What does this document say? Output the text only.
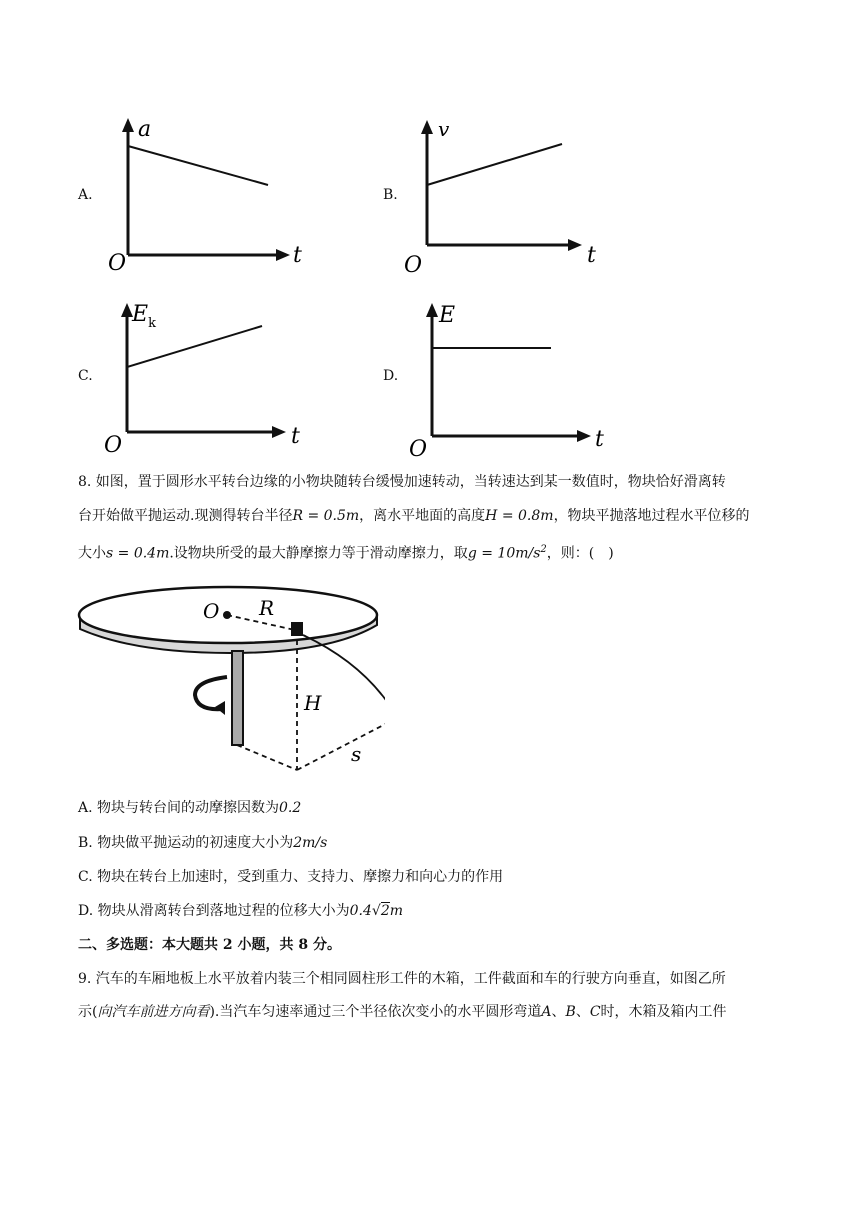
A.
a
t
O
B.
v
t
O
C.
$E_k$
t
O
D.
E
t
O
8. 如图，置于圆形水平转台边缘的小物块随转台缓慢加速转动，当转速达到某一数值时，物块恰好滑离转
台开始做平抛运动.现测得转台半径R = 0.5m，离水平地面的高度H = 0.8m，物块平抛落地过程水平位移的
大小s = 0.4m.设物块所受的最大静摩擦力等于滑动摩擦力，取$g = 10m/s^2$，则：(　)
O R
H
s
A. 物块与转台间的动摩擦因数为0.2
B. 物块做平抛运动的初速度大小为2m/s
C. 物块在转台上加速时，受到重力、支持力、摩擦力和向心力的作用
D. 物块从滑离转台到落地过程的位移大小为0.4√2m
二、多选题：本大题共 2 小题，共 8 分。
9. 汽车的车厢地板上水平放着内装三个相同圆柱形工件的木箱，工件截面和车的行驶方向垂直，如图乙所
示(向汽车前进方向看).当汽车匀速率通过三个半径依次变小的水平圆形弯道A、B、C时，木箱及箱内工件
